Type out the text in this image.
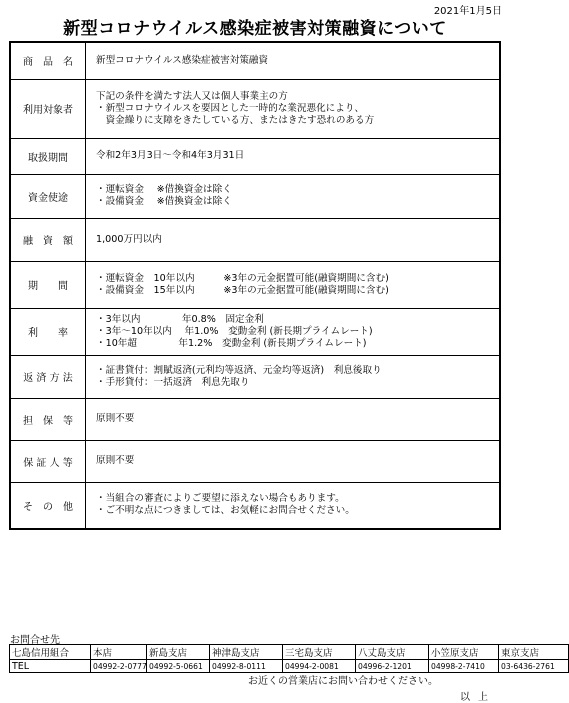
2021年1月5日
新型コロナウイルス感染症被害対策融資について
商　品　名	新型コロナウイルス感染症被害対策融資

利用対象者	下記の条件を満たす法人又は個人事業主の方
・新型コロナウイルスを要因とした一時的な業況悪化により、
　資金繰りに支障をきたしている方、またはきたす恐れのある方

取扱期間	令和2年3月3日～令和4年3月31日

資金使途	・運転資金　 ※借換資金は除く
・設備資金　 ※借換資金は除く

融　資　額	1,000万円以内

期　　間	・運転資金　10年以内　　　※3年の元金据置可能(融資期間に含む)
・設備資金　15年以内　　　※3年の元金据置可能(融資期間に含む)

利　　率	・3年以内　　　　 年0.8%　固定金利
・3年～10年以内　 年1.0%　変動金利 (新長期プライムレート)
・10年超　　　　 年1.2%　変動金利 (新長期プライムレート)

返 済 方 法	・証書貸付：割賦返済(元利均等返済、元金均等返済)　利息後取り
・手形貸付：一括返済　利息先取り

担　保　等	原則不要

保 証 人 等	原則不要

そ　の　他	・当組合の審査によりご要望に添えない場合もあります。
・ご不明な点につきましては、お気軽にお問合せください。
お問合せ先
七島信用組合	本店	新島支店	神津島支店	三宅島支店	八丈島支店	小笠原支店	東京支店
TEL	04992-2-0777	04992-5-0661	04992-8-0111	04994-2-0081	04996-2-1201	04998-2-7410	03-6436-2761
お近くの営業店にお問い合わせください。
以上
